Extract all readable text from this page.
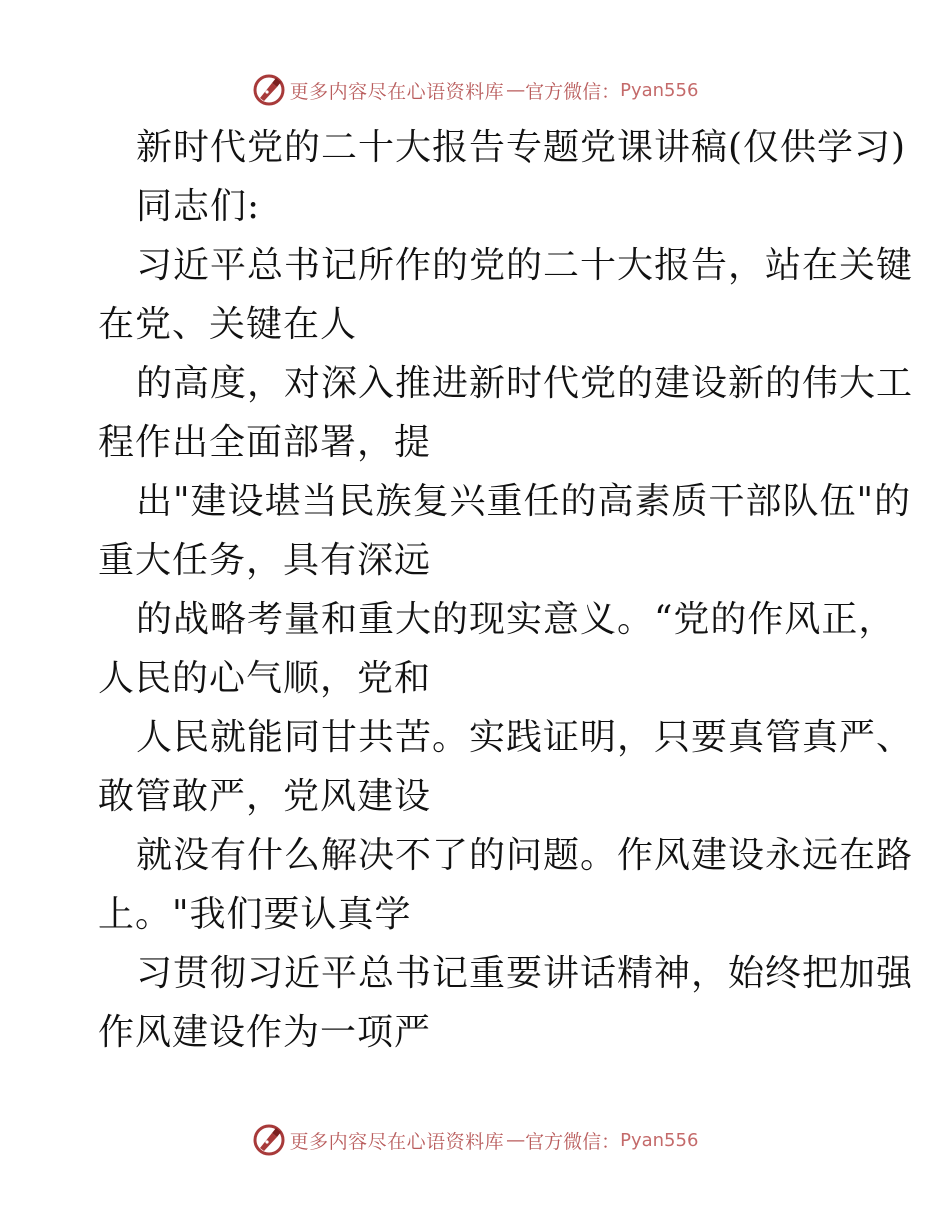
更多内容尽在心语资料库 — 官方微信： Pyan556
新时代党的二十大报告专题党课讲稿(仅供学习)
同志们:
习近平总书记所作的党的二十大报告，站在关键
在党、关键在人
的高度，对深入推进新时代党的建设新的伟大工
程作出全面部署，提
出"建设堪当民族复兴重任的高素质干部队伍"的
重大任务，具有深远
的战略考量和重大的现实意义。“党的作风正，
人民的心气顺，党和
人民就能同甘共苦。实践证明，只要真管真严、
敢管敢严，党风建设
就没有什么解决不了的问题。作风建设永远在路
上。"我们要认真学
习贯彻习近平总书记重要讲话精神，始终把加强
作风建设作为一项严
更多内容尽在心语资料库 — 官方微信： Pyan556
